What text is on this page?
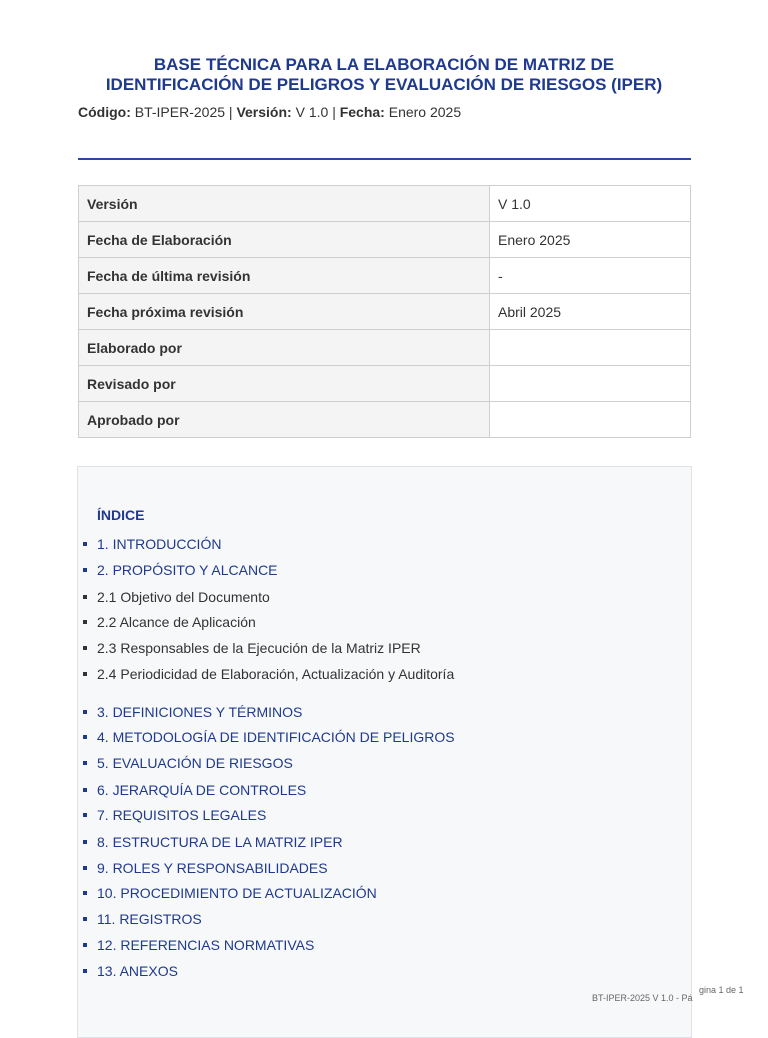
BASE TÉCNICA PARA LA ELABORACIÓN DE MATRIZ DE
IDENTIFICACIÓN DE PELIGROS Y EVALUACIÓN DE RIESGOS (IPER)
Código: BT-IPER-2025 | Versión: V 1.0 | Fecha: Enero 2025
Versión	V 1.0
Fecha de Elaboración	Enero 2025
Fecha de última revisión	-
Fecha próxima revisión	Abril 2025
Elaborado por	
Revisado por	
Aprobado por	
ÍNDICE
1. INTRODUCCIÓN
2. PROPÓSITO Y ALCANCE
2.1 Objetivo del Documento
2.2 Alcance de Aplicación
2.3 Responsables de la Ejecución de la Matriz IPER
2.4 Periodicidad de Elaboración, Actualización y Auditoría
3. DEFINICIONES Y TÉRMINOS
4. METODOLOGÍA DE IDENTIFICACIÓN DE PELIGROS
5. EVALUACIÓN DE RIESGOS
6. JERARQUÍA DE CONTROLES
7. REQUISITOS LEGALES
8. ESTRUCTURA DE LA MATRIZ IPER
9. ROLES Y RESPONSABILIDADES
10. PROCEDIMIENTO DE ACTUALIZACIÓN
11. REGISTROS
12. REFERENCIAS NORMATIVAS
13. ANEXOS
gina 1 de 1
BT-IPER-2025 V 1.0 - Pá
